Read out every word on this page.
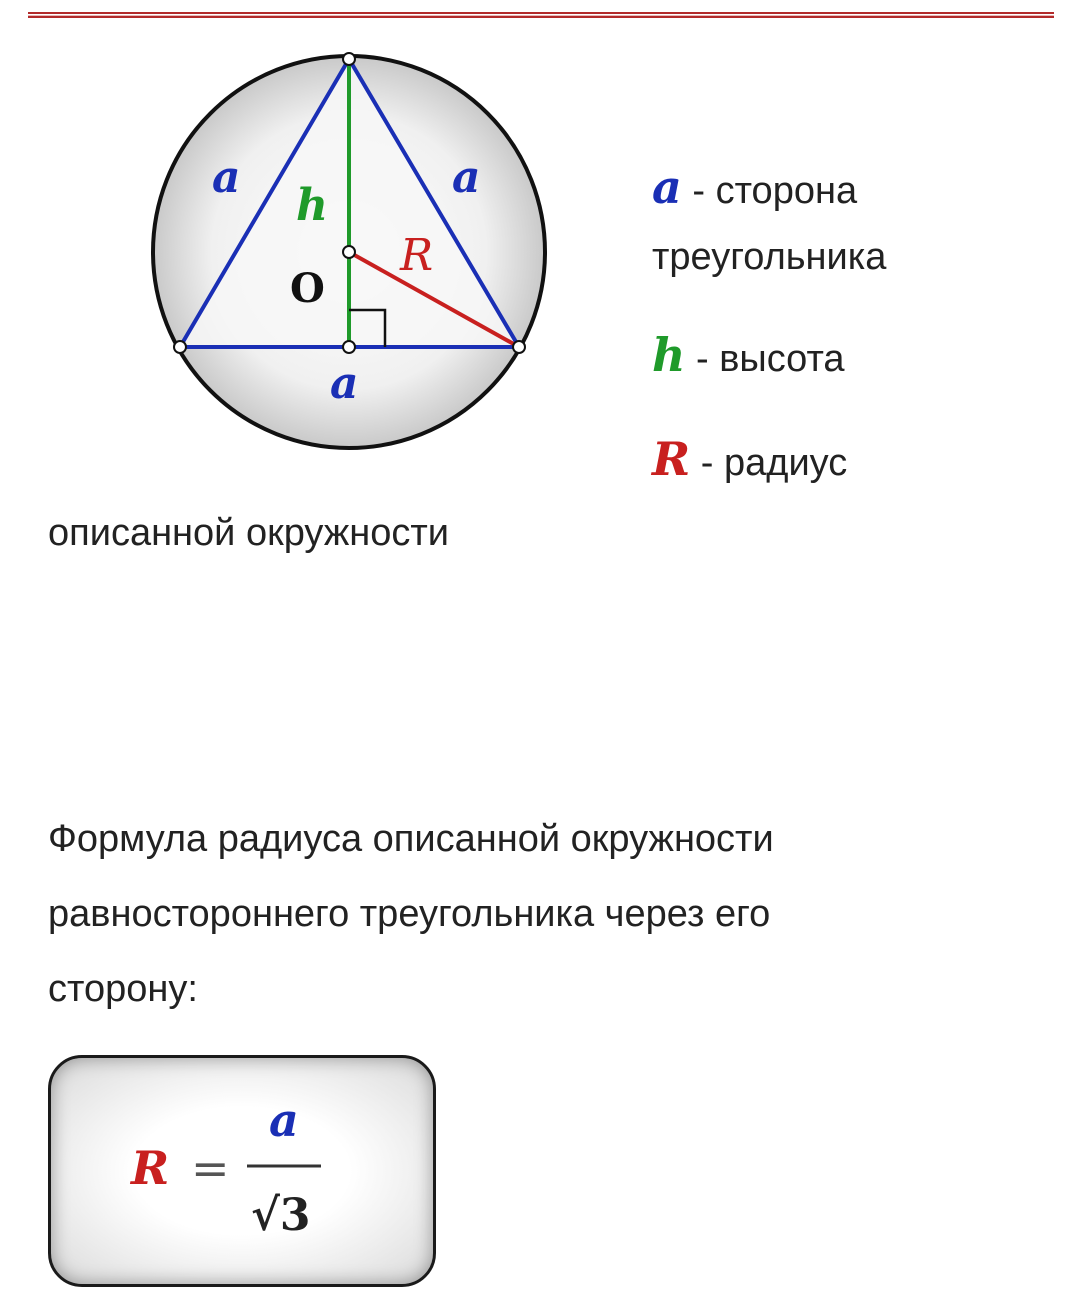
a	a
a
h
R
O
a - сторона
треугольника
h - высота
R - радиус
описанной окружности
Формула радиуса описанной окружности
равностороннего треугольника через его
сторону:
R =
a
√3
